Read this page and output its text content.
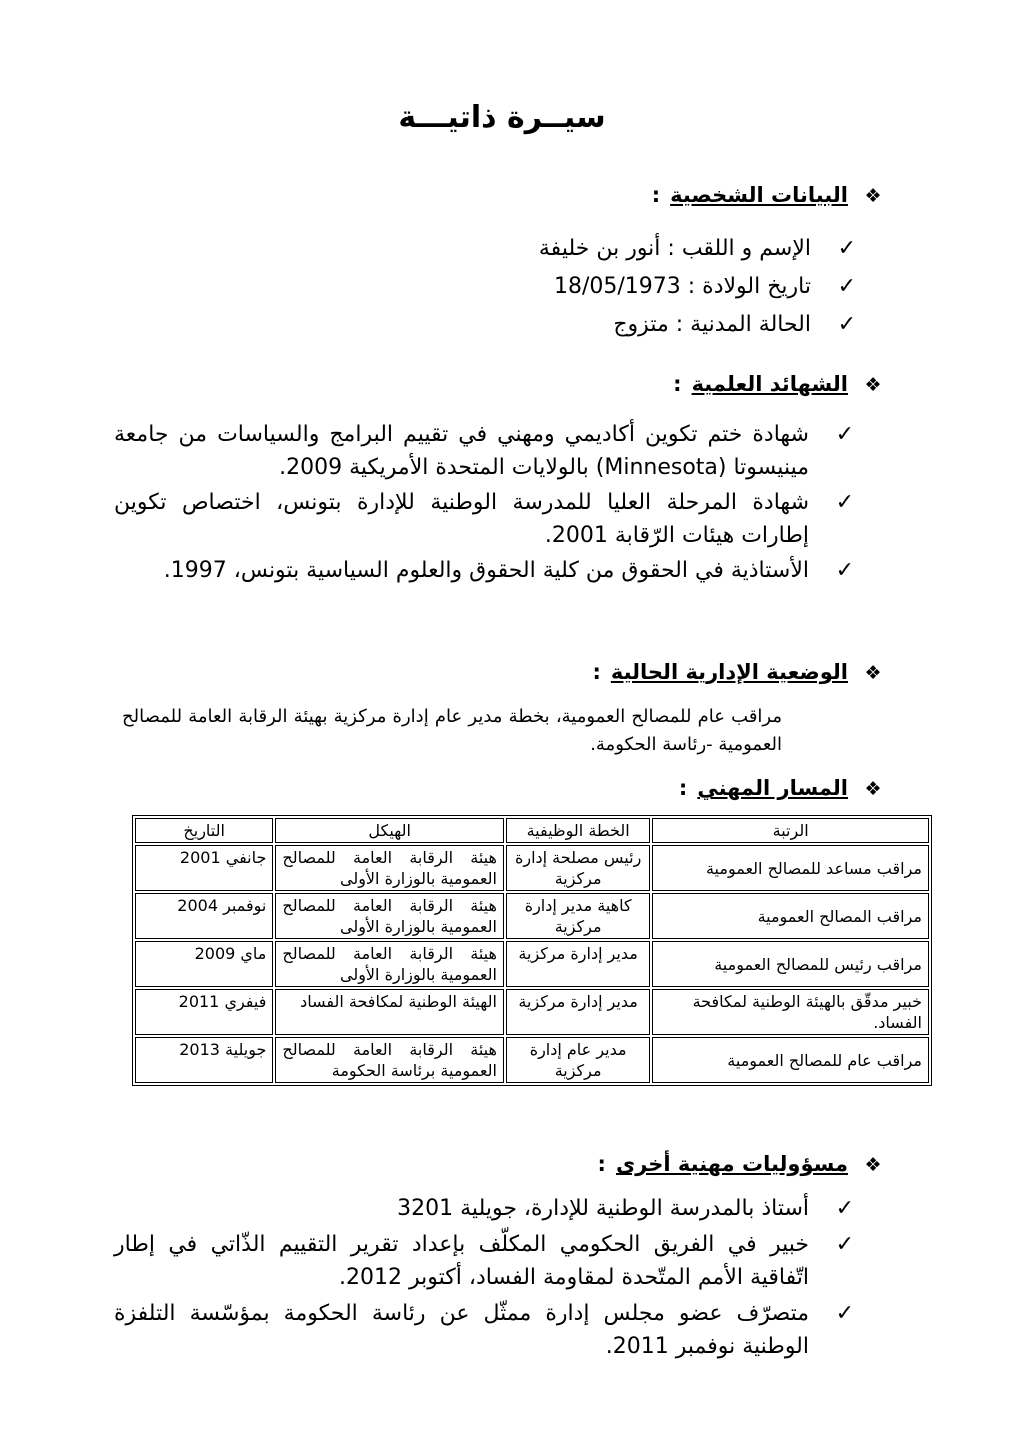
سيــرة ذاتيـــة
❖البيانات الشخصية:
✓
الإسم و اللقب : أنور بن خليفة
✓
تاريخ الولادة : 18/05/1973
✓
الحالة المدنية : متزوج
❖الشهائد العلمية:
✓
شهادة ختم تكوين أكاديمي ومهني في تقييم البرامج والسياسات من جامعة مينيسوتا (Minnesota) بالولايات المتحدة الأمريكية 2009.
✓
شهادة المرحلة العليا للمدرسة الوطنية للإدارة بتونس، اختصاص تكوين إطارات هيئات الرّقابة 2001.
✓
الأستاذية في الحقوق من كلية الحقوق والعلوم السياسية بتونس، 1997.
❖الوضعية الإدارية الحالية:
مراقب عام للمصالح العمومية، بخطة مدير عام إدارة مركزية بهيئة الرقابة العامة للمصالح العمومية -رئاسة الحكومة.
❖المسار المهني:
الرتبة	الخطة الوظيفية	الهيكل	التاريخ
مراقب مساعد للمصالح العمومية	رئيس مصلحة إدارة مركزية	هيئة الرقابة العامة للمصالح العمومية بالوزارة الأولى	جانفي 2001
مراقب المصالح العمومية	كاهية مدير إدارة مركزية	هيئة الرقابة العامة للمصالح العمومية بالوزارة الأولى	نوفمبر 2004
مراقب رئيس للمصالح العمومية	مدير إدارة مركزية	هيئة الرقابة العامة للمصالح العمومية بالوزارة الأولى	ماي 2009
خبير مدقّق بالهيئة الوطنية لمكافحة الفساد.	مدير إدارة مركزية	الهيئة الوطنية لمكافحة الفساد	فيفري 2011
مراقب عام للمصالح العمومية	مدير عام إدارة مركزية	هيئة الرقابة العامة للمصالح العمومية برئاسة الحكومة	جويلية 2013
❖مسؤوليات مهنية أخرى:
✓
أستاذ بالمدرسة الوطنية للإدارة، جويلية 3201
✓
خبير في الفريق الحكومي المكلّف بإعداد تقرير التقييم الذّاتي في إطار اتّفاقية الأمم المتّحدة لمقاومة الفساد، أكتوبر 2012.
✓
متصرّف عضو مجلس إدارة ممثّل عن رئاسة الحكومة بمؤسّسة التلفزة الوطنية نوفمبر 2011.
